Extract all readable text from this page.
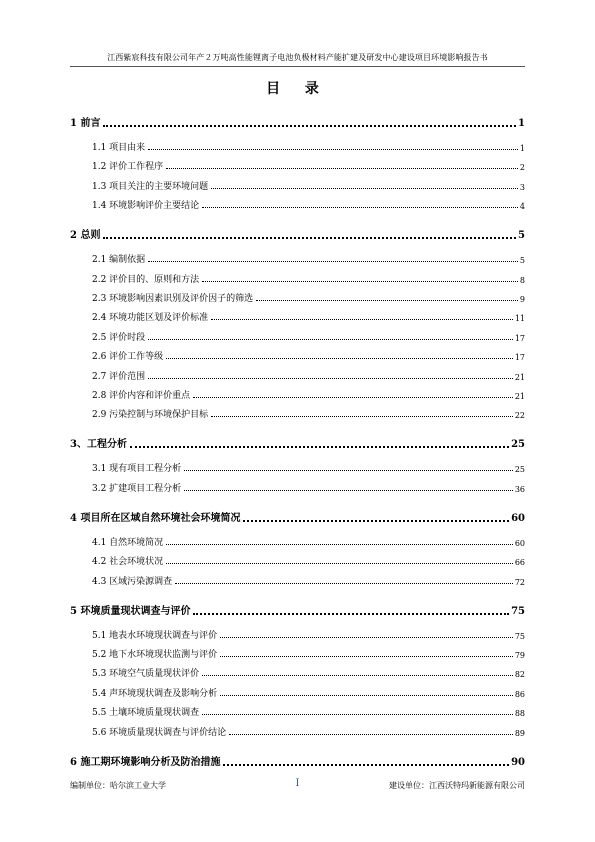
江西紫宸科技有限公司年产２万吨高性能锂离子电池负极材料产能扩建及研发中心建设项目环境影响报告书
目 录
1 前言	1
1.1 项目由来	1
1.2 评价工作程序	2
1.3 项目关注的主要环境问题	3
1.4 环境影响评价主要结论	4
2 总则	5
2.1 编制依据	5
2.2 评价目的、原则和方法	8
2.3 环境影响因素识别及评价因子的筛选	9
2.4 环境功能区划及评价标准	11
2.5 评价时段	17
2.6 评价工作等级	17
2.7 评价范围	21
2.8 评价内容和评价重点	21
2.9 污染控制与环境保护目标	22
3、工程分析	25
3.1 现有项目工程分析	25
3.2 扩建项目工程分析	36
4 项目所在区域自然环境社会环境简况	60
4.1 自然环境简况	60
4.2 社会环境状况	66
4.3 区域污染源调查	72
5 环境质量现状调查与评价	75
5.1 地表水环境现状调查与评价	75
5.2 地下水环境现状监测与评价	79
5.3 环境空气质量现状评价	82
5.4 声环境现状调查及影响分析	86
5.5 土壤环境质量现状调查	88
5.6 环境质量现状调查与评价结论	89
6 施工期环境影响分析及防治措施	90
编制单位：哈尔滨工业大学	I	建设单位：江西沃特玛新能源有限公司
